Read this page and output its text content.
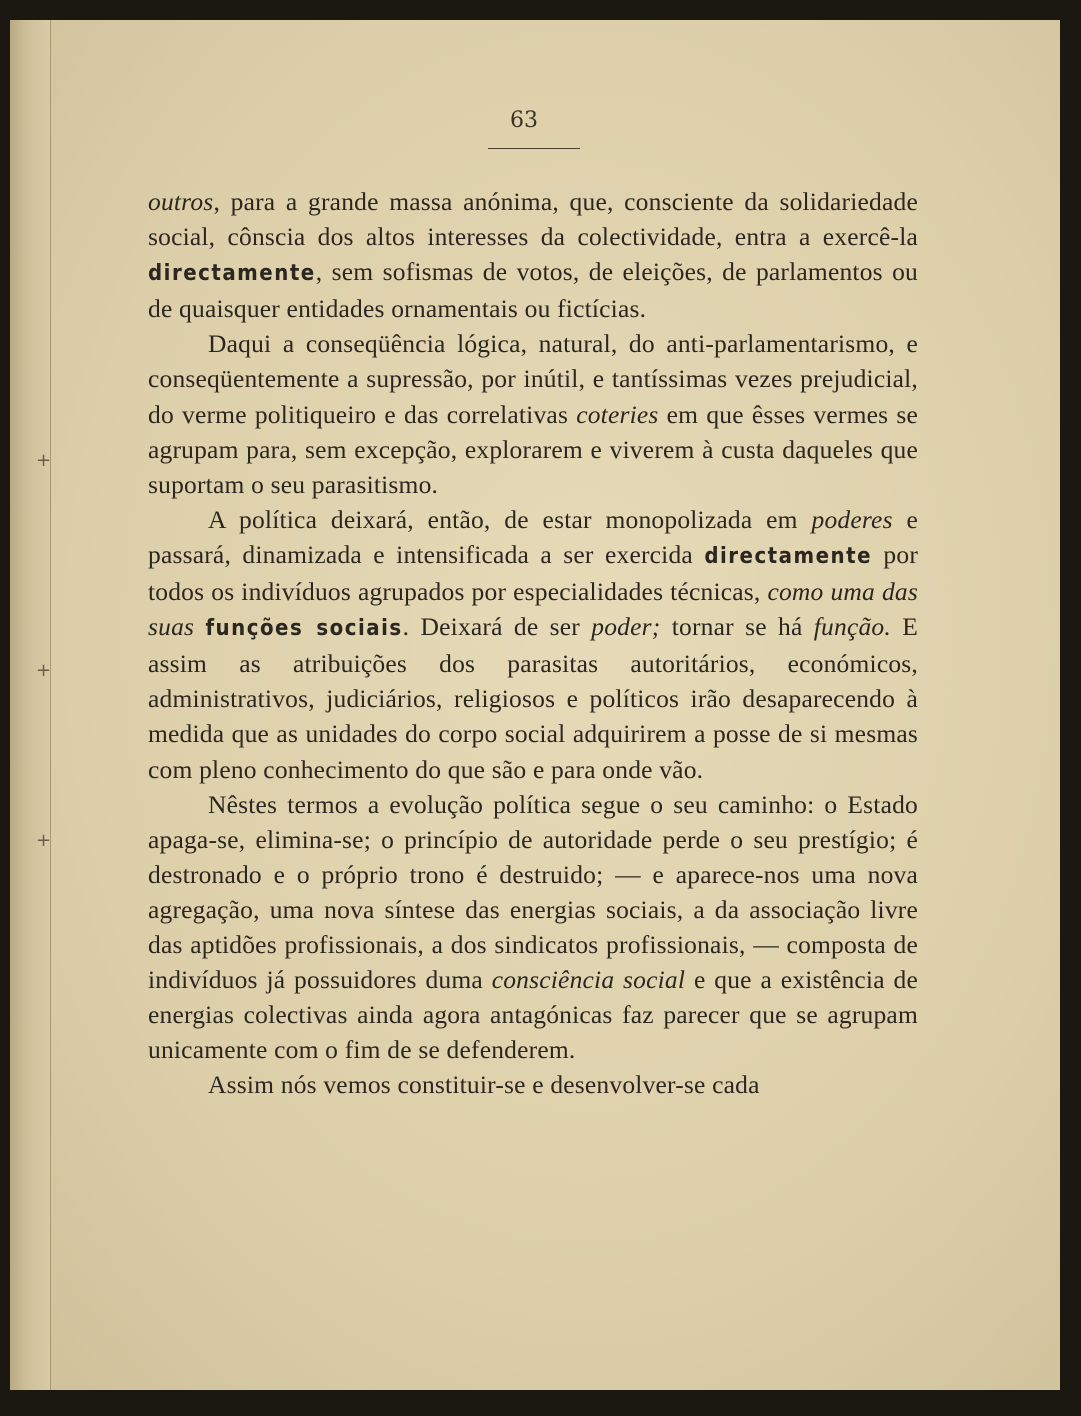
63
+
+
+

outros, para a grande massa anónima, que, consciente da solidariedade social, cônscia dos altos interesses da colectividade, entra a exercê-la directamente, sem sofismas de votos, de eleições, de parlamentos ou de quaisquer entidades ornamentais ou fictícias.

Daqui a conseqüência lógica, natural, do anti-parlamentarismo, e conseqüentemente a supressão, por inútil, e tantíssimas vezes prejudicial, do verme politiqueiro e das correlativas coteries em que êsses vermes se agrupam para, sem excepção, explorarem e viverem à custa daqueles que suportam o seu parasitismo.

A política deixará, então, de estar monopolizada em poderes e passará, dinamizada e intensificada a ser exercida directamente por todos os indivíduos agrupados por especialidades técnicas, como uma das suas funções sociais. Deixará de ser poder; tornar se há função. E assim as atribuições dos parasitas autoritários, económicos, administrativos, judiciários, religiosos e políticos irão desaparecendo à medida que as unidades do corpo social adquirirem a posse de si mesmas com pleno conhecimento do que são e para onde vão.

Nêstes termos a evolução política segue o seu caminho: o Estado apaga-se, elimina-se; o princípio de autoridade perde o seu prestígio; é destronado e o próprio trono é destruido; — e aparece-nos uma nova agregação, uma nova síntese das energias sociais, a da associação livre das aptidões profissionais, a dos sindicatos profissionais, — composta de indivíduos já possuidores duma consciência social e que a existência de energias colectivas ainda agora antagónicas faz parecer que se agrupam unicamente com o fim de se defenderem.

Assim nós vemos constituir-se e desenvolver-se cada
